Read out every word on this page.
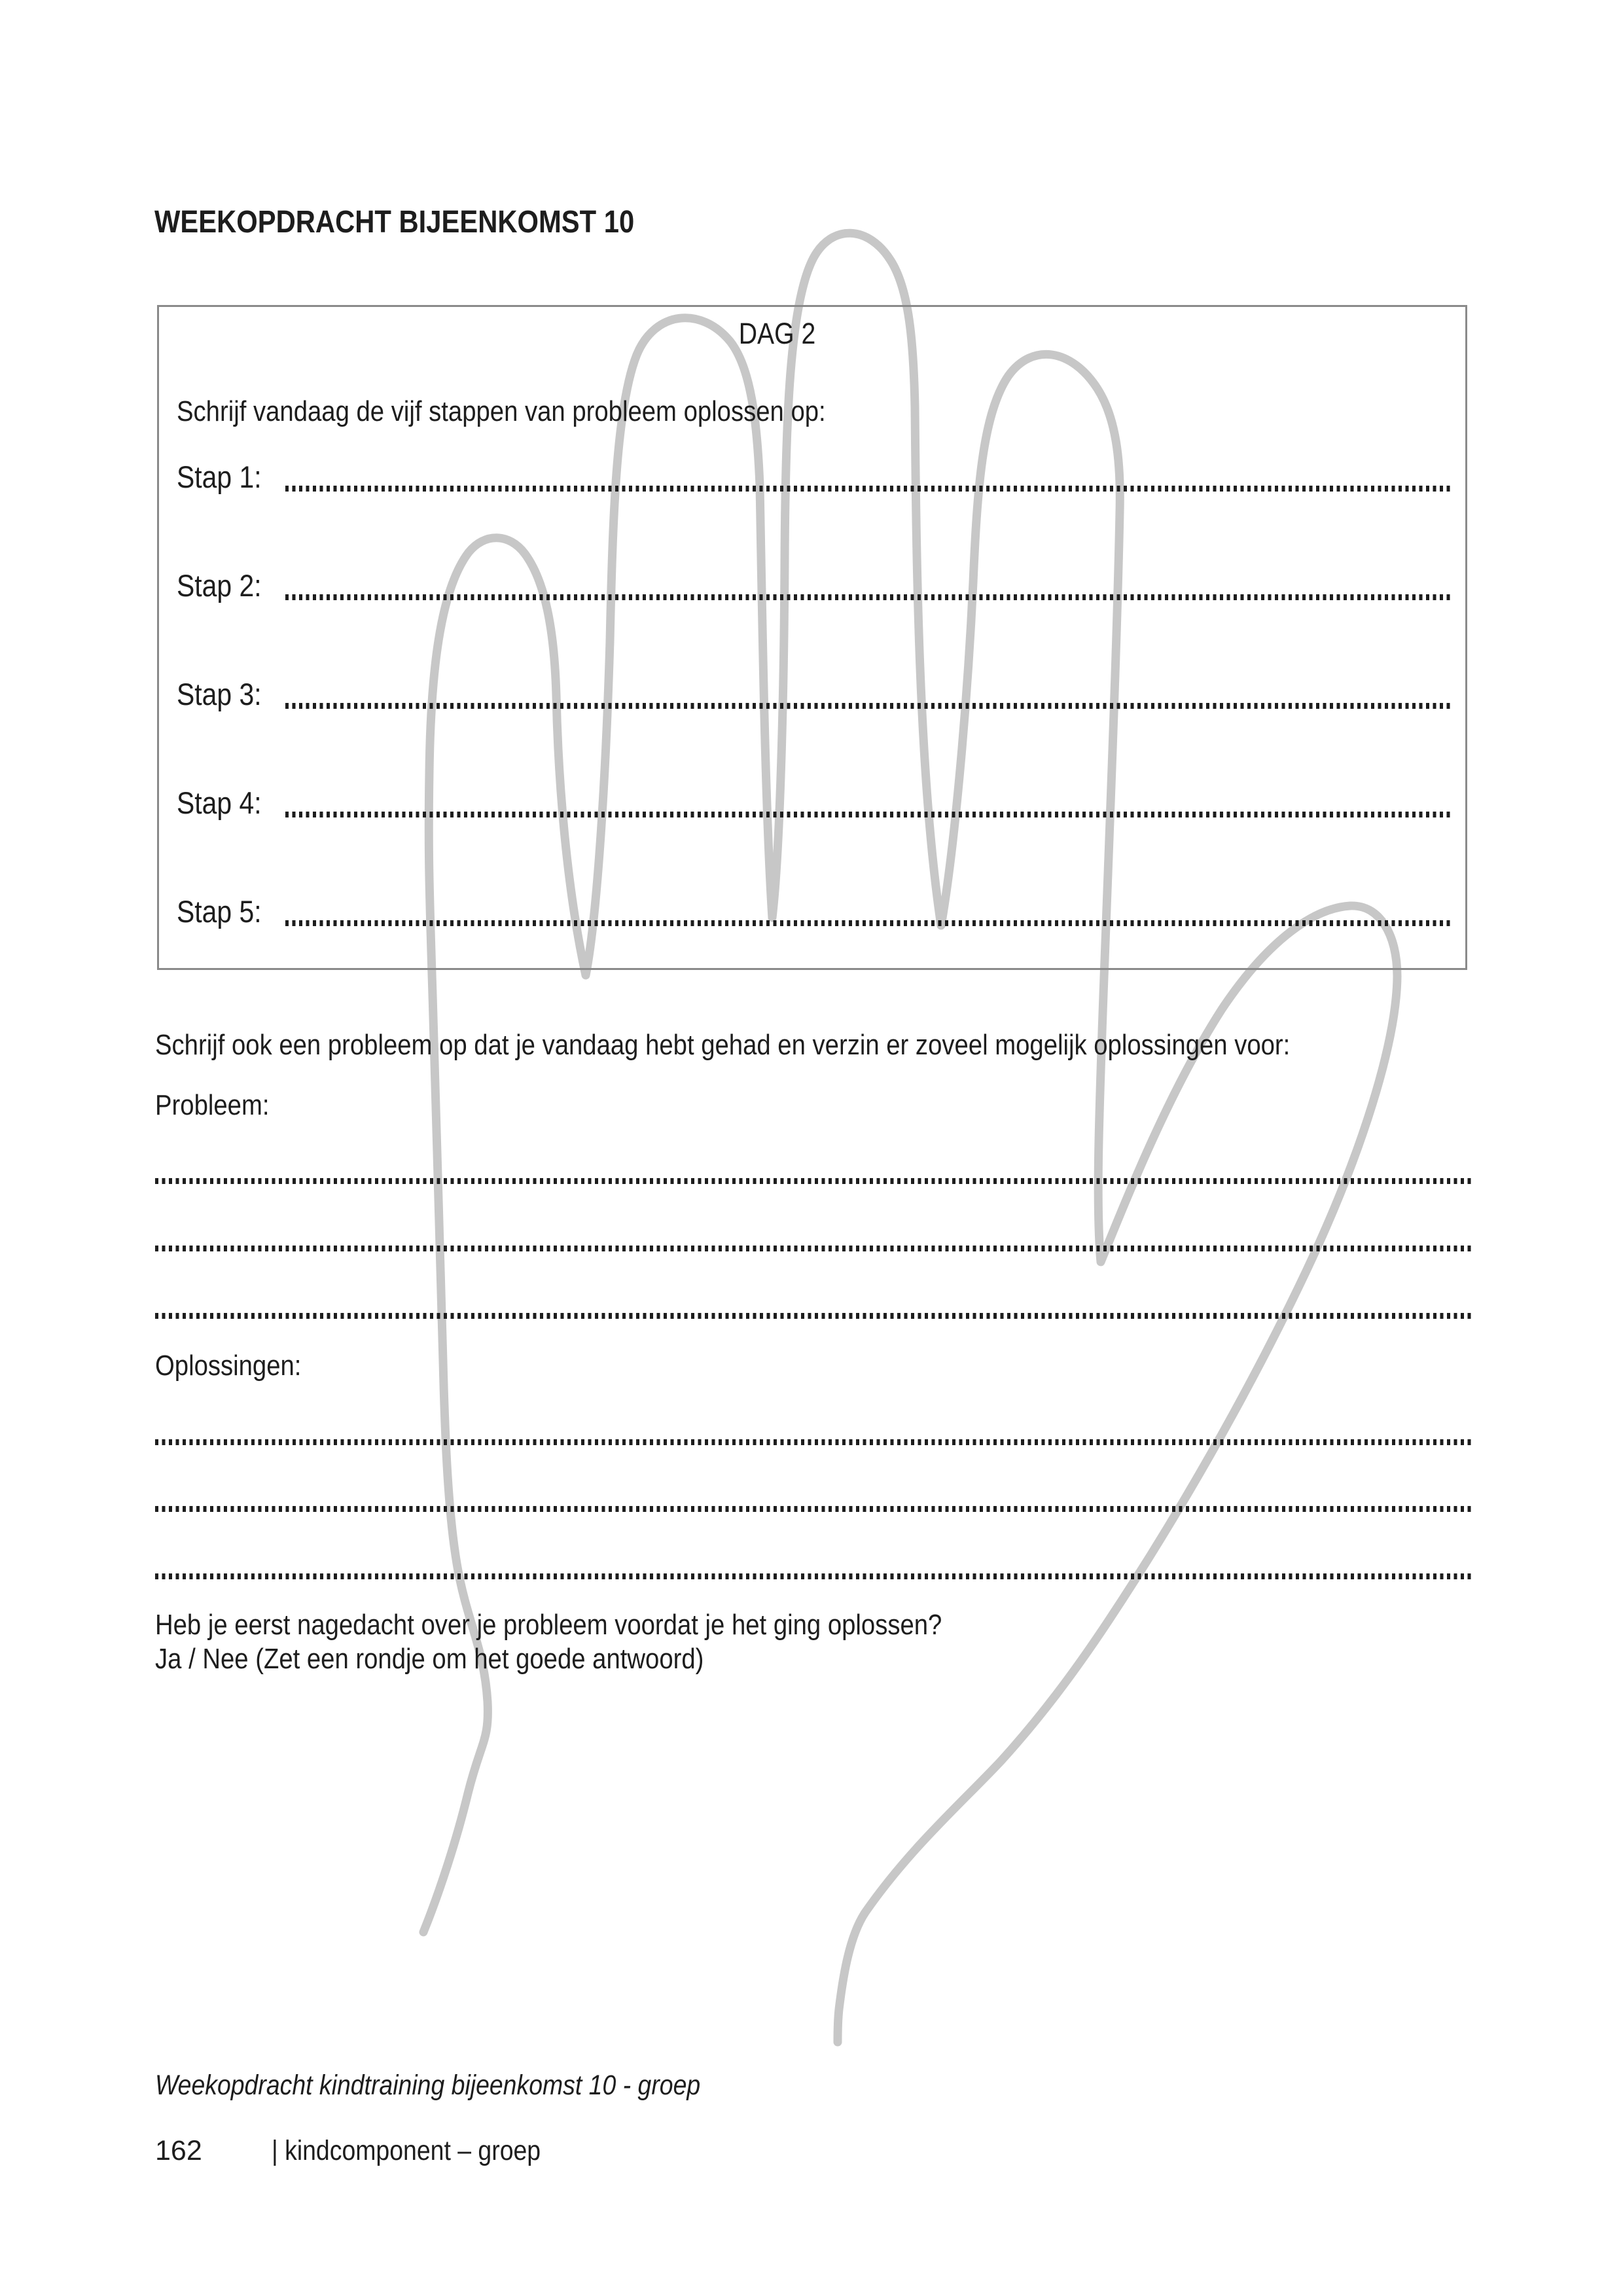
WEEKOPDRACHT BIJEENKOMST 10
DAG 2
Schrijf vandaag de vijf stappen van probleem oplossen op:
Stap 1:
Stap 2:
Stap 3:
Stap 4:
Stap 5:
Schrijf ook een probleem op dat je vandaag hebt gehad en verzin er zoveel mogelijk oplossingen voor:
Probleem:
Oplossingen:
Heb je eerst nagedacht over je probleem voordat je het ging oplossen?
Ja / Nee (Zet een rondje om het goede antwoord)
Weekopdracht kindtraining bijeenkomst 10 - groep
162 | kindcomponent – groep
